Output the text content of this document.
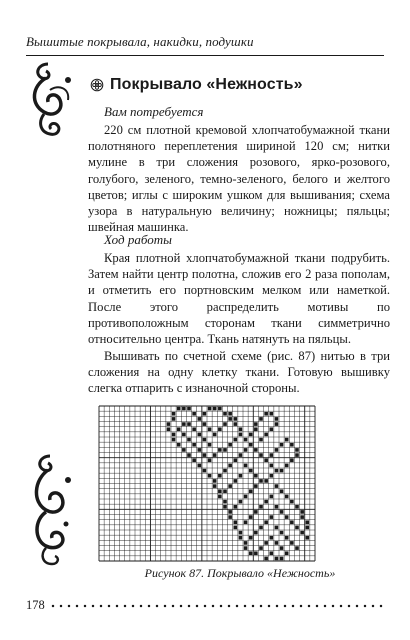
Вышитые покрывала, накидки, подушки
Покрывало «Нежность»
Вам потребуется

220 см плотной кремовой хлопчатобумажной ткани полотняного переплетения шириной 120 см; нитки мулине в три сложения розового, ярко-розового, голубого, зеленого, темно-зеленого, белого и желтого цветов; иглы с широким ушком для вышивания; схема узора в натуральную величину; ножницы; пяльцы; швейная машинка.

Ход работы

Края плотной хлопчатобумажной ткани подрубить. Затем найти центр полотна, сложив его 2 раза пополам, и отметить его портновским мелком или наметкой. После этого распределить мотивы по противоположным сторонам ткани симметрично относительно центра. Ткань натянуть на пяльцы.

Вышивать по счетной схеме (рис. 87) нитью в три сложения на одну клетку ткани. Готовую вышивку слегка отпарить с изнаночной стороны.

Рисунок 87. Покрывало «Нежность»
178
